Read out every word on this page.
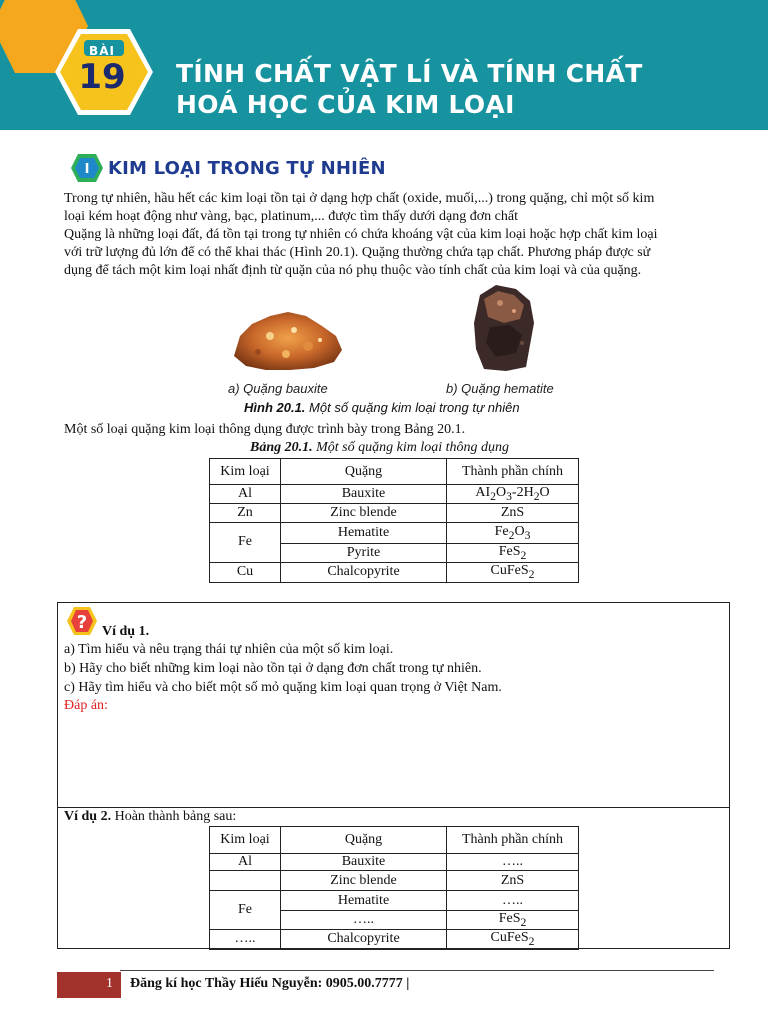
BÀI
19	TÍNH CHẤT VẬT LÍ VÀ TÍNH CHẤT
HOÁ HỌC CỦA KIM LOẠI
I KIM LOẠI TRONG TỰ NHIÊN
Trong tự nhiên, hầu hết các kim loại tồn tại ở dạng hợp chất (oxide, muối,...) trong quặng, chỉ một số kim
loại kém hoạt động như vàng, bạc, platinum,... được tìm thấy dưới dạng đơn chất
Quặng là những loại đất, đá tồn tại trong tự nhiên có chứa khoáng vật của kim loại hoặc hợp chất kim loại
với trữ lượng đủ lớn để có thể khai thác (Hình 20.1). Quặng thường chứa tạp chất. Phương pháp được sử
dụng để tách một kim loại nhất định từ quặn của nó phụ thuộc vào tính chất của kim loại và của quặng.
a) Quặng bauxite	b) Quặng hematite
Hình 20.1. Một số quặng kim loại trong tự nhiên
Một số loại quặng kim loại thông dụng được trình bày trong Bảng 20.1.
Bảng 20.1. Một số quặng kim loại thông dụng
Kim loại	Quặng	Thành phần chính
Al	Bauxite	$AI_2O_3-2H_2O$
Zn	Zinc blende	ZnS
Fe	Hematite	$Fe_2O_3$
	Pyrite	FeS$_2$
Cu	Chalcopyrite	CuFeS$_2$
? Ví dụ 1.
a) Tìm hiểu và nêu trạng thái tự nhiên của một số kim loại.
b) Hãy cho biết những kim loại nào tồn tại ở dạng đơn chất trong tự nhiên.
c) Hãy tìm hiểu và cho biết một số mỏ quặng kim loại quan trọng ở Việt Nam.
Đáp án:
Ví dụ 2. Hoàn thành bảng sau:
Kim loại	Quặng	Thành phần chính
Al	Bauxite	…..
	Zinc blende	ZnS
Fe	Hematite	…..
	…..	FeS$_2$
…..	Chalcopyrite	CuFeS$_2$
1	Đăng kí học Thầy Hiếu Nguyễn: 0905.00.7777 |
